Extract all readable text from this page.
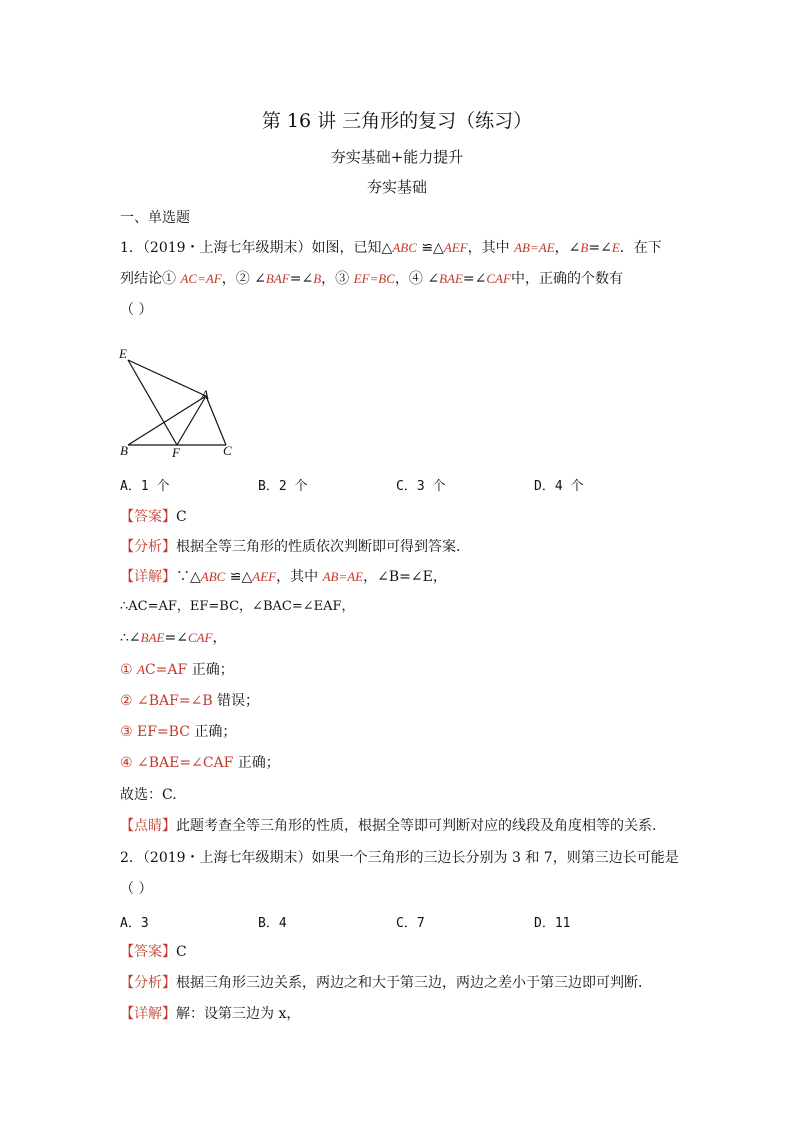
第 16 讲 三角形的复习（练习）
夯实基础+能力提升
夯实基础
一、单选题
1．（2019・上海七年级期末）如图，已知△ABC ≌△AEF，其中 AB=AE，∠B=∠E．在下
列结论① AC=AF，② ∠BAF=∠B，③ EF=BC，④ ∠BAE=∠CAF中，正确的个数有
（ ）
E
A
B	F	C
A．1 个	B．2 个	C．3 个	D．4 个
【答案】C
【分析】根据全等三角形的性质依次判断即可得到答案.
【详解】∵△ABC ≌△AEF，其中 AB=AE，∠B=∠E，
∴AC=AF，EF=BC，∠BAC=∠EAF，
∴∠BAE=∠CAF，
① AC=AF 正确；
② ∠BAF=∠B 错误；
③ EF=BC 正确；
④ ∠BAE=∠CAF 正确；
故选：C.
【点睛】此题考查全等三角形的性质，根据全等即可判断对应的线段及角度相等的关系.
2．（2019・上海七年级期末）如果一个三角形的三边长分别为 3 和 7，则第三边长可能是
（ ）
A．3	B．4	C．7	D．11
【答案】C
【分析】根据三角形三边关系，两边之和大于第三边，两边之差小于第三边即可判断．
【详解】解：设第三边为 x，
